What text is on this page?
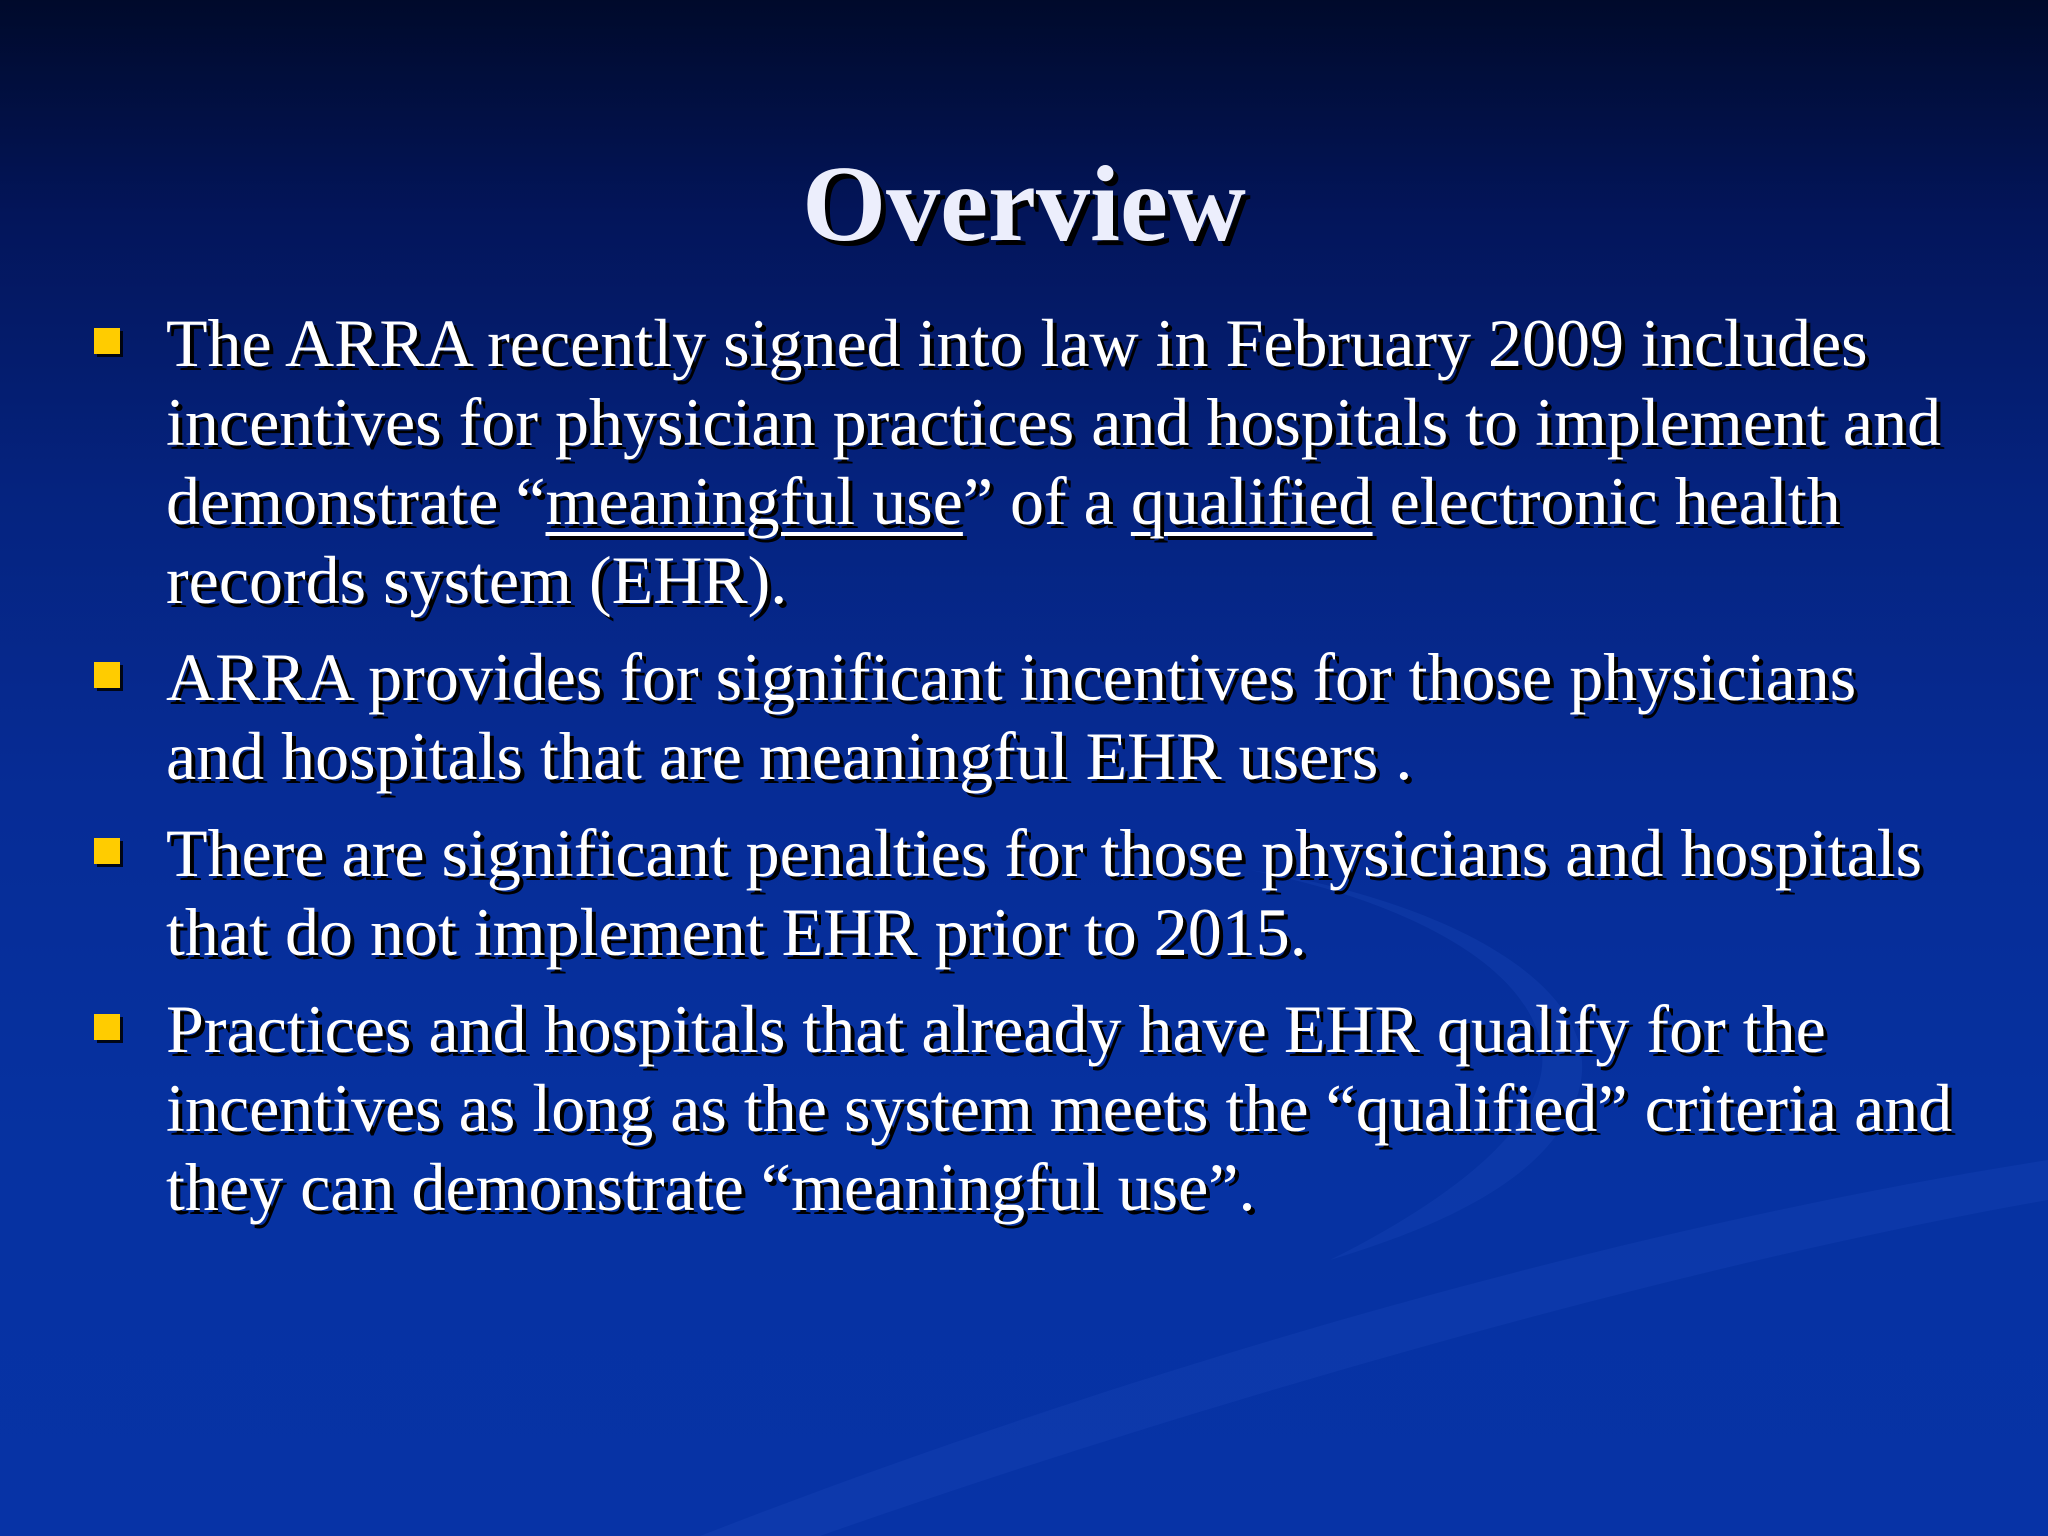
Overview
The ARRA recently signed into law in February 2009 includes incentives for physician practices and hospitals to implement and demonstrate “meaningful use” of a qualified electronic health records system (EHR).
ARRA provides for significant incentives for those physicians and hospitals that are meaningful EHR users .
There are significant penalties for those physicians and hospitals that do not implement EHR prior to 2015.
Practices and hospitals that already have EHR qualify for the incentives as long as the system meets the “qualified” criteria and they can demonstrate “meaningful use”.
